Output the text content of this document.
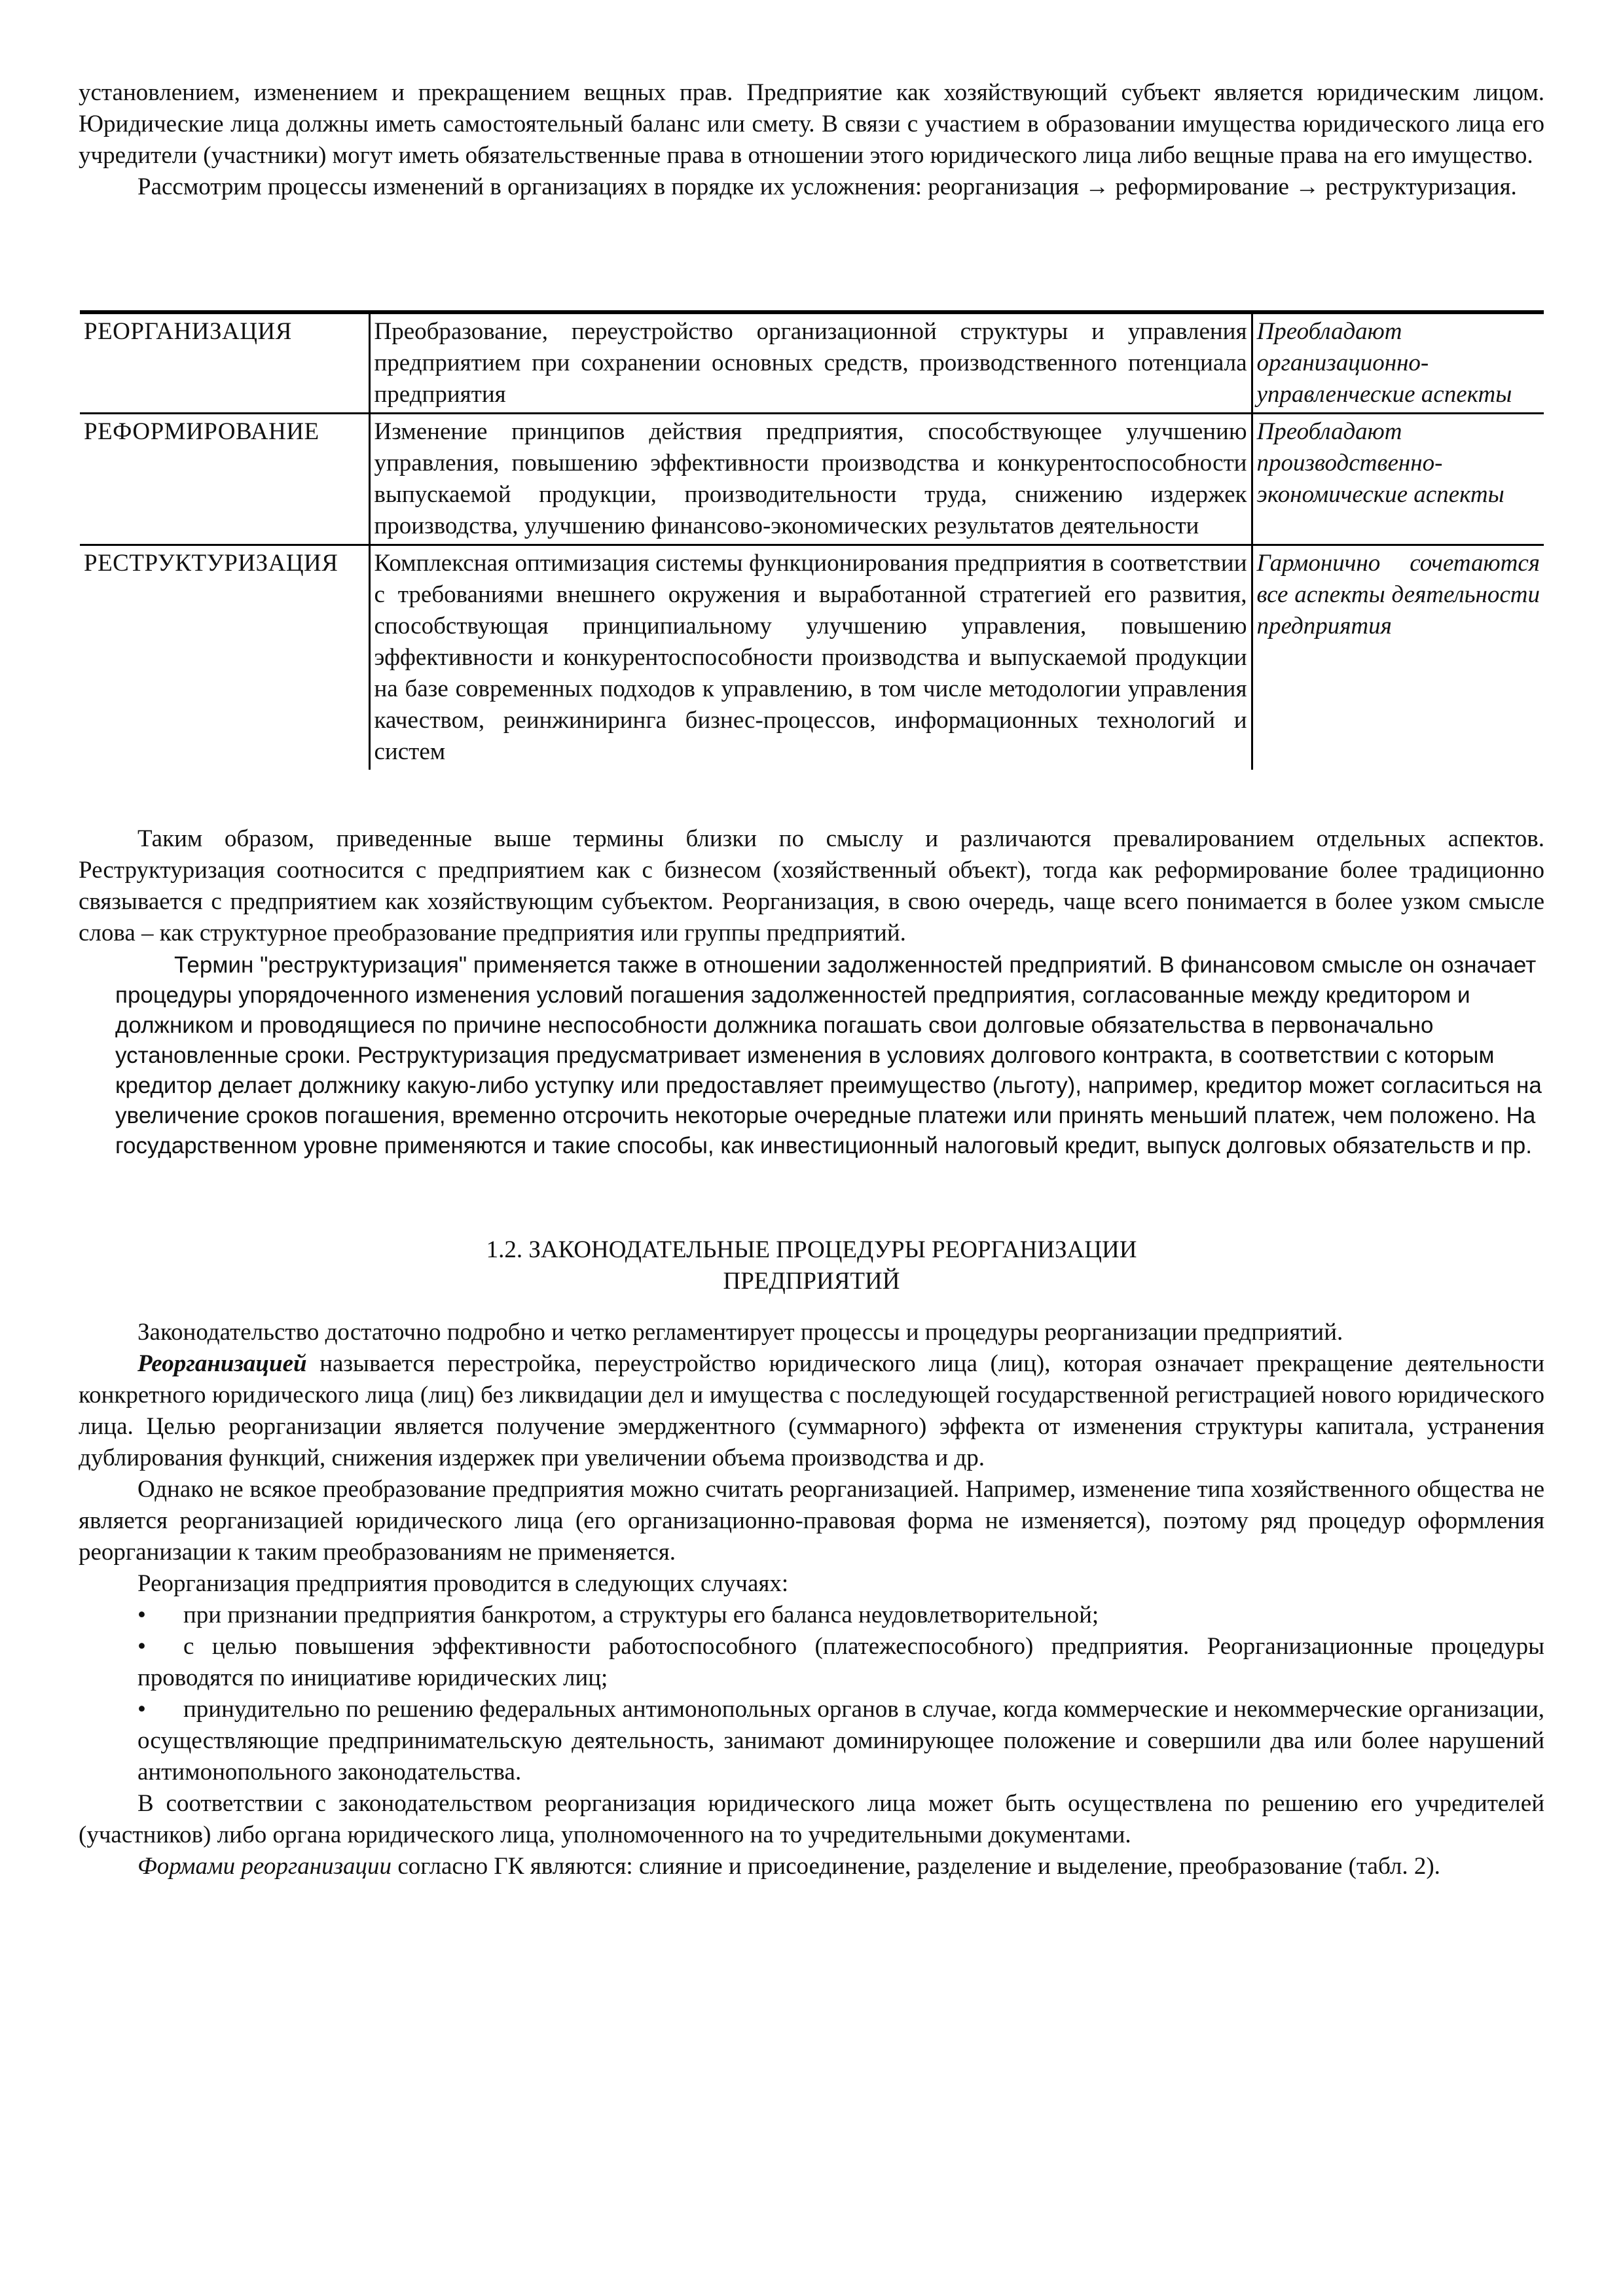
установлением, изменением и прекращением вещных прав. Предприятие как хозяйствующий субъект является юридическим лицом. Юридические лица должны иметь самостоятельный баланс или смету. В связи с участием в образовании имущества юридического лица его учредители (участники) могут иметь обязательственные права в отношении этого юридического лица либо вещные права на его имущество.

Рассмотрим процессы изменений в организациях в порядке их усложнения: реорганизация → реформирование → реструктуризация.

РЕОРГАНИЗАЦИЯ	Преобразование, переустройство организационной структуры и управления предприятием при сохранении основных средств, производственного потенциала предприятия	Преобладают организационно-управленческие аспекты
РЕФОРМИРОВАНИЕ	Изменение принципов действия предприятия, способствующее улучшению управления, повышению эффективности производства и конкурентоспособности выпускаемой продукции, производительности труда, снижению издержек производства, улучшению финансово-экономических результатов деятельности	Преобладают производственно-экономические аспекты
РЕСТРУКТУРИЗАЦИЯ	Комплексная оптимизация системы функционирования предприятия в соответствии с требованиями внешнего окружения и выработанной стратегией его развития, способствующая принципиальному улучшению управления, повышению эффективности и конкурентоспособности производства и выпускаемой продукции на базе современных подходов к управлению, в том числе методологии управления качеством, реинжиниринга бизнес-процессов, информационных технологий и систем	Гармонично сочетаются все аспекты деятельности предприятия

Таким образом, приведенные выше термины близки по смыслу и различаются превалированием отдельных аспектов. Реструктуризация соотносится с предприятием как с бизнесом (хозяйственный объект), тогда как реформирование более традиционно связывается с предприятием как хозяйствующим субъектом. Реорганизация, в свою очередь, чаще всего понимается в более узком смысле слова – как структурное преобразование предприятия или группы предприятий.

Термин "реструктуризация" применяется также в отношении задолженностей предприятий. В финансовом смысле он означает процедуры упорядоченного изменения условий погашения задолженностей предприятия, согласованные между кредитором и должником и проводящиеся по причине неспособности должника погашать свои долговые обязательства в первоначально установленные сроки. Реструктуризация предусматривает изменения в условиях долгового контракта, в соответствии с которым кредитор делает должнику какую-либо уступку или предоставляет преимущество (льготу), например, кредитор может согласиться на увеличение сроков погашения, временно отсрочить некоторые очередные платежи или принять меньший платеж, чем положено. На государственном уровне применяются и такие способы, как инвестиционный налоговый кредит, выпуск долговых обязательств и пр.

1.2. ЗАКОНОДАТЕЛЬНЫЕ ПРОЦЕДУРЫ РЕОРГАНИЗАЦИИ
ПРЕДПРИЯТИЙ

Законодательство достаточно подробно и четко регламентирует процессы и процедуры реорганизации предприятий.

Реорганизацией называется перестройка, переустройство юридического лица (лиц), которая означает прекращение деятельности конкретного юридического лица (лиц) без ликвидации дел и имущества с последующей государственной регистрацией нового юридического лица. Целью реорганизации является получение эмерджентного (суммарного) эффекта от изменения структуры капитала, устранения дублирования функций, снижения издержек при увеличении объема производства и др.

Однако не всякое преобразование предприятия можно считать реорганизацией. Например, изменение типа хозяйственного общества не является реорганизацией юридического лица (его организационно-правовая форма не изменяется), поэтому ряд процедур оформления реорганизации к таким преобразованиям не применяется.

Реорганизация предприятия проводится в следующих случаях:

• при признании предприятия банкротом, а структуры его баланса неудовлетворительной;

• с целью повышения эффективности работоспособного (платежеспособного) предприятия. Реорганизационные процедуры проводятся по инициативе юридических лиц;

• принудительно по решению федеральных антимонопольных органов в случае, когда коммерческие и некоммерческие организации, осуществляющие предпринимательскую деятельность, занимают доминирующее положение и совершили два или более нарушений антимонопольного законодательства.

В соответствии с законодательством реорганизация юридического лица может быть осуществлена по решению его учредителей (участников) либо органа юридического лица, уполномоченного на то учредительными документами.

Формами реорганизации согласно ГК являются: слияние и присоединение, разделение и выделение, преобразование (табл. 2).
